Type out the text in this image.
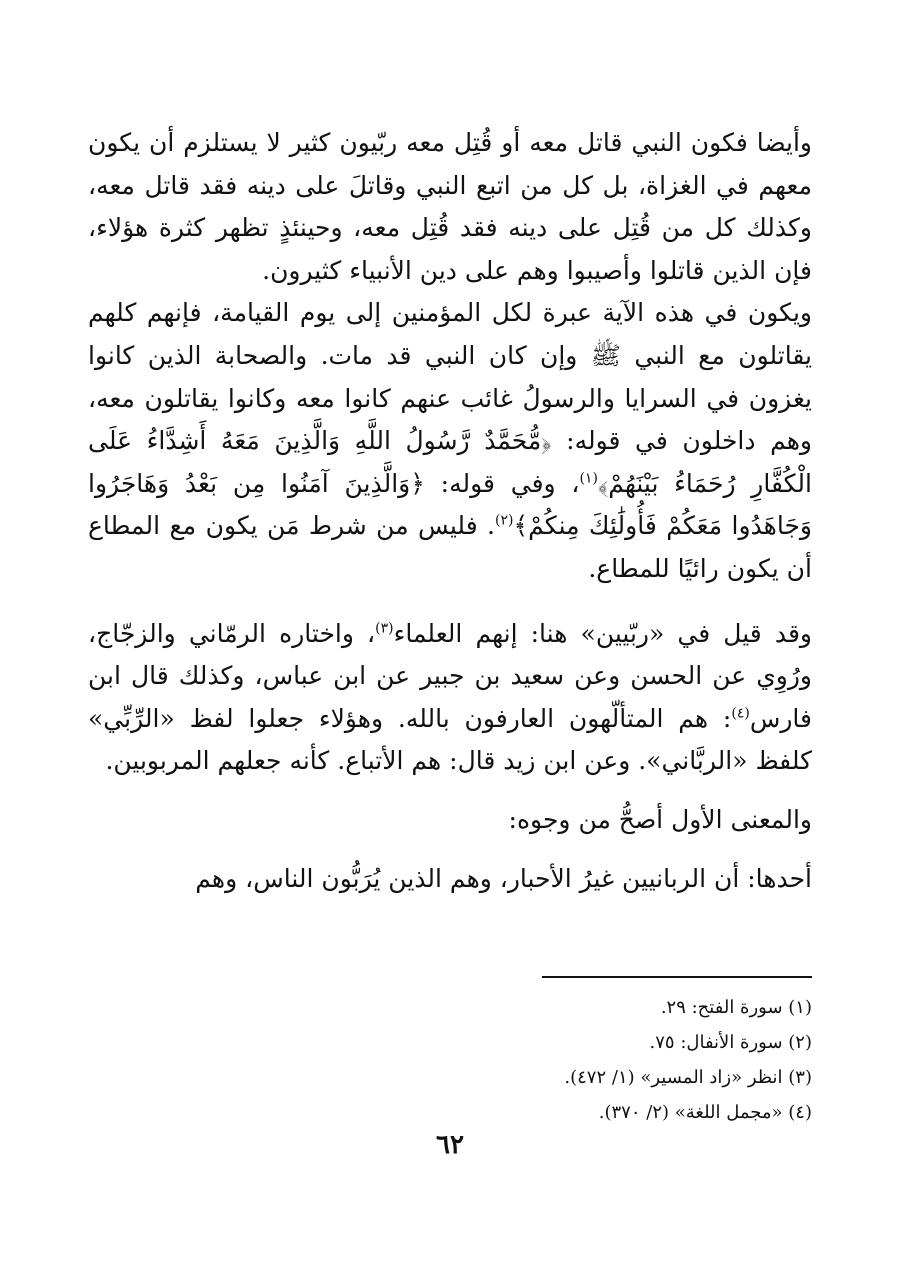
وأيضا فكون النبي قاتل معه أو قُتِل معه ربّيون كثير لا يستلزم أن يكون معهم في الغزاة، بل كل من اتبع النبي وقاتلَ على دينه فقد قاتل معه، وكذلك كل من قُتِل على دينه فقد قُتِل معه، وحينئذٍ تظهر كثرة هؤلاء، فإن الذين قاتلوا وأصيبوا وهم على دين الأنبياء كثيرون.

ويكون في هذه الآية عبرة لكل المؤمنين إلى يوم القيامة، فإنهم كلهم يقاتلون مع النبي ﷺ وإن كان النبي قد مات. والصحابة الذين كانوا يغزون في السرايا والرسولُ غائب عنهم كانوا معه وكانوا يقاتلون معه، وهم داخلون في قوله: ﴿مُّحَمَّدٌ رَّسُولُ اللَّهِ وَالَّذِينَ مَعَهُ أَشِدَّاءُ عَلَى الْكُفَّارِ رُحَمَاءُ بَيْنَهُمْ﴾$^{(١)}$، وفي قوله: ﴿وَالَّذِينَ آمَنُوا مِن بَعْدُ وَهَاجَرُوا وَجَاهَدُوا مَعَكُمْ فَأُولَٰئِكَ مِنكُمْ﴾$^{(٢)}$. فليس من شرط مَن يكون مع المطاع أن يكون رائيًا للمطاع.

وقد قيل في «ربّيين» هنا: إنهم العلماء$^{(٣)}$، واختاره الرمّاني والزجّاج، ورُوِي عن الحسن وعن سعيد بن جبير عن ابن عباس، وكذلك قال ابن فارس$^{(٤)}$: هم المتألّهون العارفون بالله. وهؤلاء جعلوا لفظ «الرِّبِّي» كلفظ «الربَّاني». وعن ابن زيد قال: هم الأتباع. كأنه جعلهم المربوبين.

والمعنى الأول أصحُّ من وجوه:

أحدها: أن الربانيين غيرُ الأحبار، وهم الذين يُرَبُّون الناس، وهم

(١) سورة الفتح: ٢٩.
(٢) سورة الأنفال: ٧٥.
(٣) انظر «زاد المسير» (١/ ٤٧٢).
(٤) «مجمل اللغة» (٢/ ٣٧٠).
٦٢
